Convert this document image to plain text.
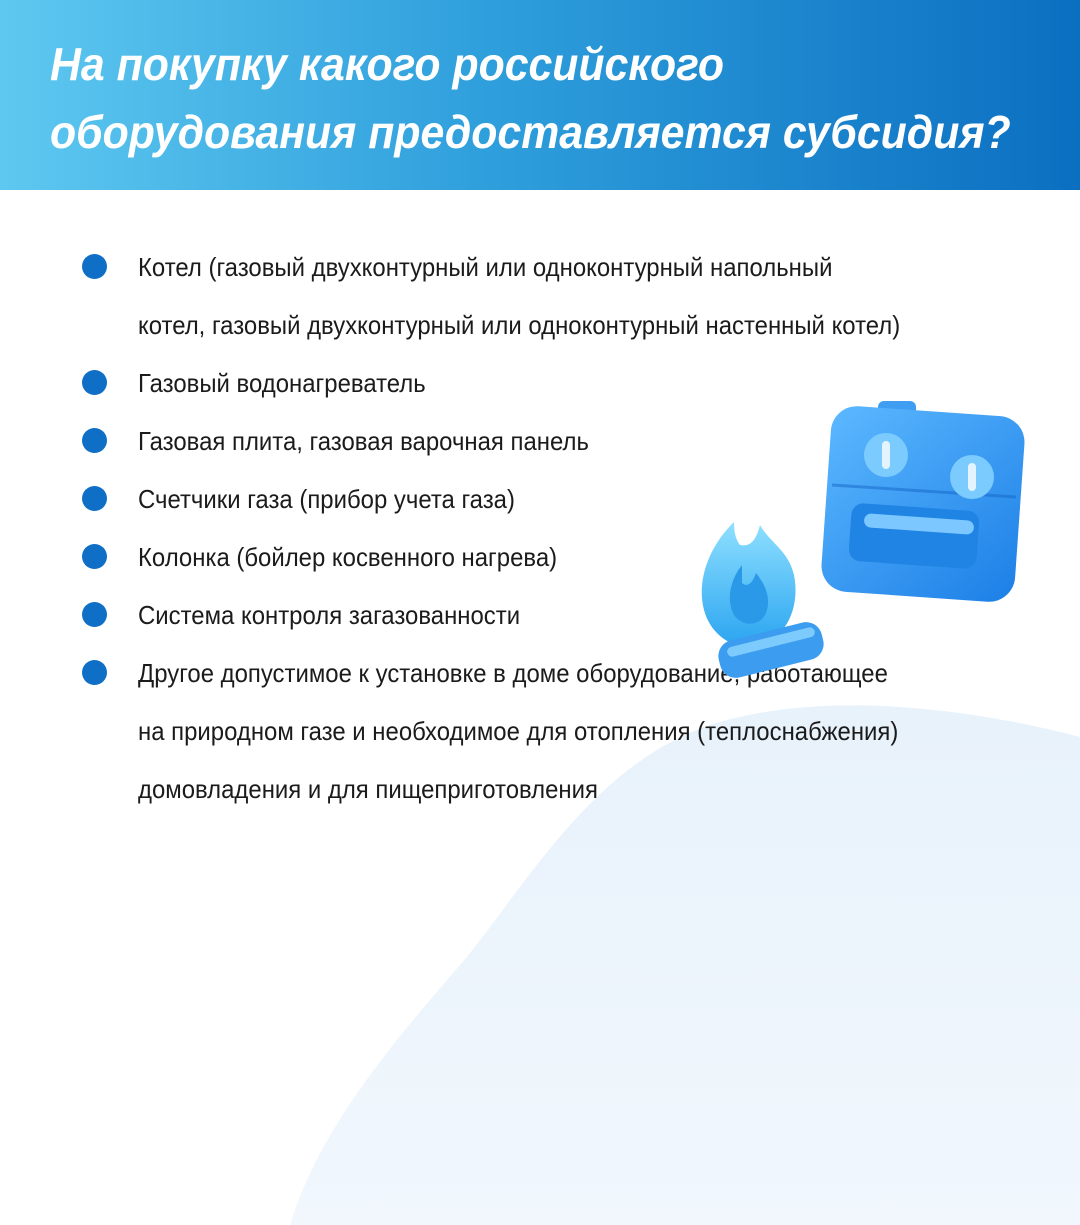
На покупку какого российского
оборудования предоставляется субсидия?
Котел (газовый двухконтурный или одноконтурный напольный
котел, газовый двухконтурный или одноконтурный настенный котел)
Газовый водонагреватель
Газовая плита, газовая варочная панель
Счетчики газа (прибор учета газа)
Колонка (бойлер косвенного нагрева)
Система контроля загазованности
Другое допустимое к установке в доме оборудование, работающее
на природном газе и необходимое для отопления (теплоснабжения)
домовладения и для пищеприготовления
